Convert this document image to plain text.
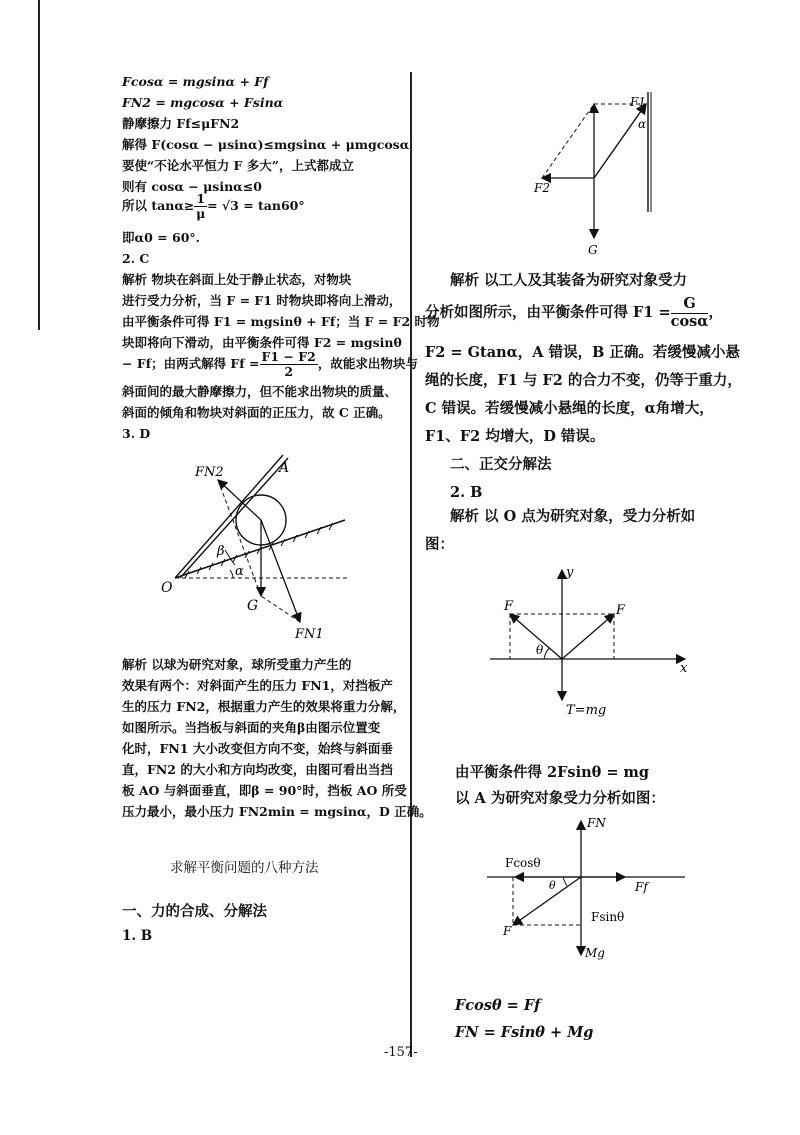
Fcosα = mgsinα + Ff
FN2 = mgcosα + Fsinα
静摩擦力 Ff≤μFN2
解得 F(cosα − μsinα)≤mgsinα + μmgcosα
要使“不论水平恒力 F 多大”，上式都成立
则有 cosα − μsinα≤0
所以 $\tan\alpha\ge \frac{1}{\mu} = √3 = \tan 60^\circ$
即α0 = 60°.
2. C
解析 物块在斜面上处于静止状态，对物块
进行受力分析，当 F = F1 时物块即将向上滑动，
由平衡条件可得 F1 = mgsinθ + Ff；当 F = F2 时物
块即将向下滑动，由平衡条件可得 F2 = mgsinθ
− Ff；由两式解得 $Ff = \frac{F1 - F2}{2}$ ，故能求出物块与
斜面间的最大静摩擦力，但不能求出物块的质量、
斜面的倾角和物块对斜面的正压力，故 C 正确。
3. D
FN2	A
β
α
O
G
FN1
解析 以球为研究对象，球所受重力产生的
效果有两个：对斜面产生的压力 FN1，对挡板产
生的压力 FN2，根据重力产生的效果将重力分解，
如图所示。当挡板与斜面的夹角β由图示位置变
化时，FN1 大小改变但方向不变，始终与斜面垂
直，FN2 的大小和方向均改变，由图可看出当挡
板 AO 与斜面垂直，即β = 90°时，挡板 AO 所受
压力最小，最小压力 FN2min = mgsinα，D 正确。
求解平衡问题的八种方法
一、力的合成、分解法
1. B
F1
α
F2
G
解析 以工人及其装备为研究对象受力
分析如图所示，由平衡条件可得 $F1 = \frac{G}{\cos\alpha}$ ，
F2 = Gtanα，A 错误，B 正确。若缓慢减小悬
绳的长度，F1 与 F2 的合力不变，仍等于重力，
C 错误。若缓慢减小悬绳的长度，α角增大，
F1、F2 均增大，D 错误。
二、正交分解法
2. B
解析 以 O 点为研究对象，受力分析如
图：
y
x
F	F
θ
T=mg
由平衡条件得 2Fsinθ = mg
以 A 为研究对象受力分析如图：
FN
Fcosθ
θ	Ff
Fsinθ
F
Mg
Fcosθ = Ff
FN = Fsinθ + Mg
-157-
